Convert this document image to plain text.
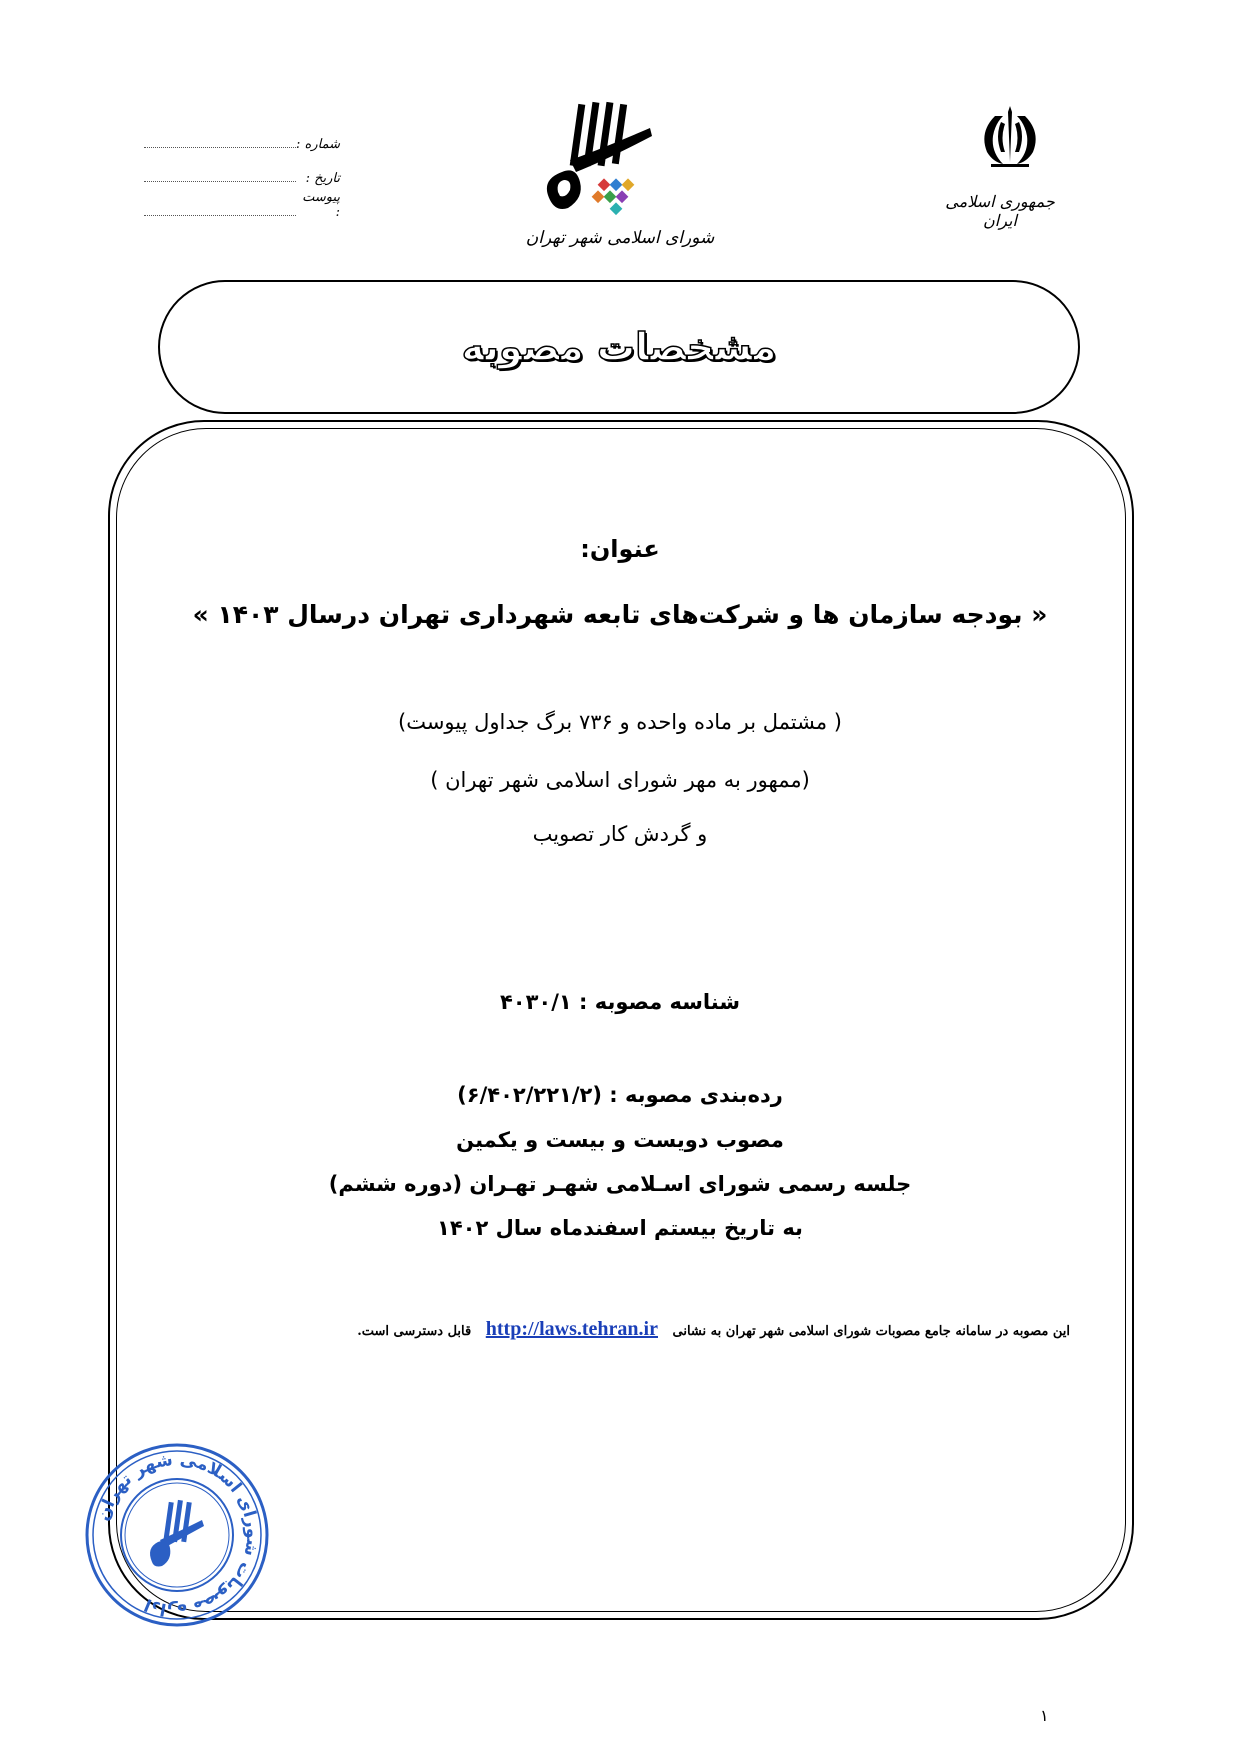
شماره :
تاریخ :
پیوست :
شورای اسلامی شهر تهران
جمهوری اسلامی ایران
مشخصات مصوبه
عنوان:
« بودجه سازمان ها و شرکت‌های تابعه شهرداری تهران درسال ۱۴۰۳ »
( مشتمل بر ماده واحده و ۷۳۶ برگ جداول پیوست)
(ممهور به مهر شورای اسلامی شهر تهران )
و گردش کار تصویب
شناسه مصوبه : ۴۰۳۰/۱
رده‌بندی مصوبه : (۶/۴۰۲/۲۲۱/۲)
مصوب دویست و بیست و یکمین
جلسه رسمی شورای اسـلامی شهـر تهـران (دوره ششم)
به تاریخ بیستم اسفندماه سال ۱۴۰۲
این مصوبه در سامانه جامع مصوبات شورای اسلامی شهر تهران به نشانی http://laws.tehran.ir قابل دسترسی است.
اداره مصوبات شورای اسلامی شهر تهران
۱
